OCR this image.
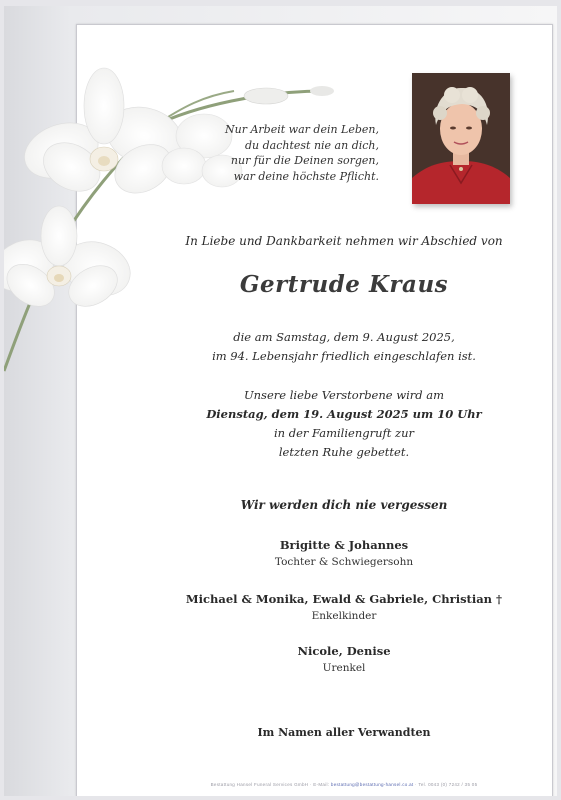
Nur Arbeit war dein Leben,
du dachtest nie an dich,
nur für die Deinen sorgen,
war deine höchste Pflicht.
In Liebe und Dankbarkeit nehmen wir Abschied von
Gertrude Kraus
die am Samstag, dem 9. August 2025,
im 94. Lebensjahr friedlich eingeschlafen ist.
Unsere liebe Verstorbene wird am
Dienstag, dem 19. August 2025 um 10 Uhr
in der Familiengruft zur
letzten Ruhe gebettet.
Wir werden dich nie vergessen
Brigitte & Johannes
Tochter & Schwiegersohn
Michael & Monika, Ewald & Gabriele, Christian †
Enkelkinder
Nicole, Denise
Urenkel
Im Namen aller Verwandten
Bestattung Hansel Funeral Services GmbH · E-Mail: bestattung@bestattung-hansel.co.at · Tel. 0043 (0) 7242 / 35 05
